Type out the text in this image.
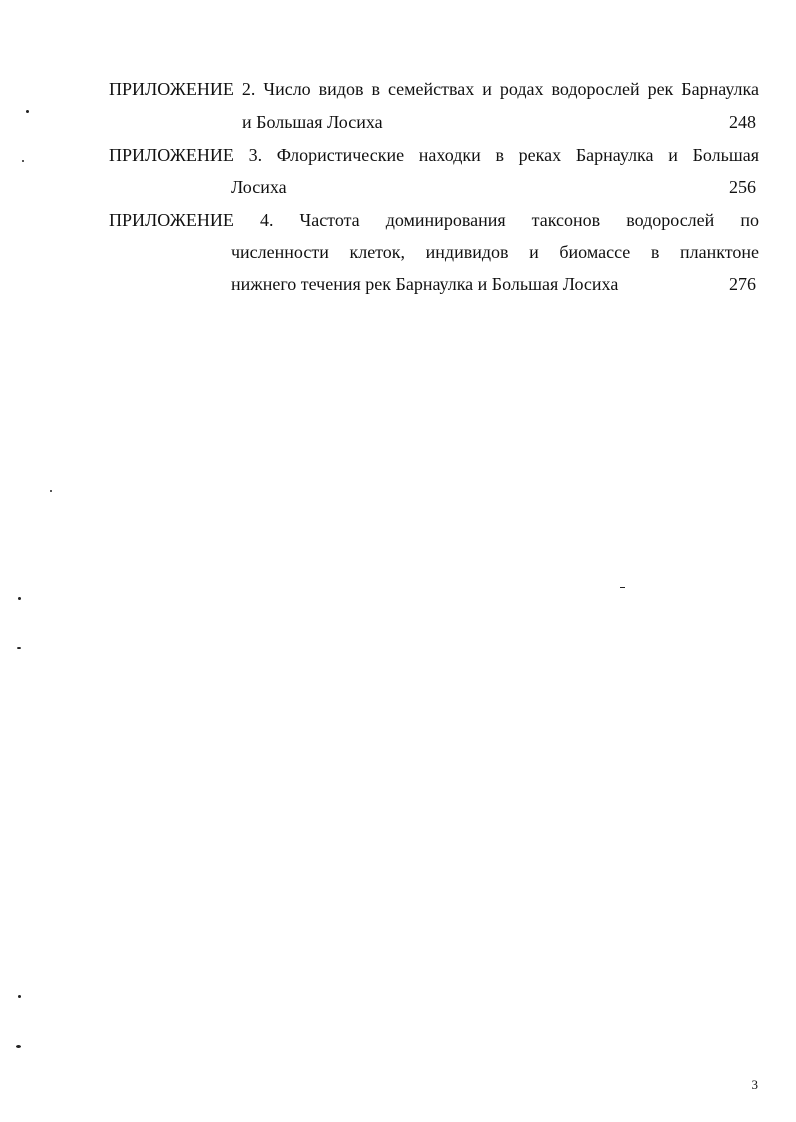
ПРИЛОЖЕНИЕ 2. Число видов в семействах и родах водорослей рек Барнаулка
и Большая Лосиха	248
ПРИЛОЖЕНИЕ 3. Флористические находки в реках Барнаулка и Большая
Лосиха	256
ПРИЛОЖЕНИЕ 4. Частота доминирования таксонов водорослей по
численности клеток, индивидов и биомассе в планктоне
нижнего течения рек Барнаулка и Большая Лосиха	276
3
